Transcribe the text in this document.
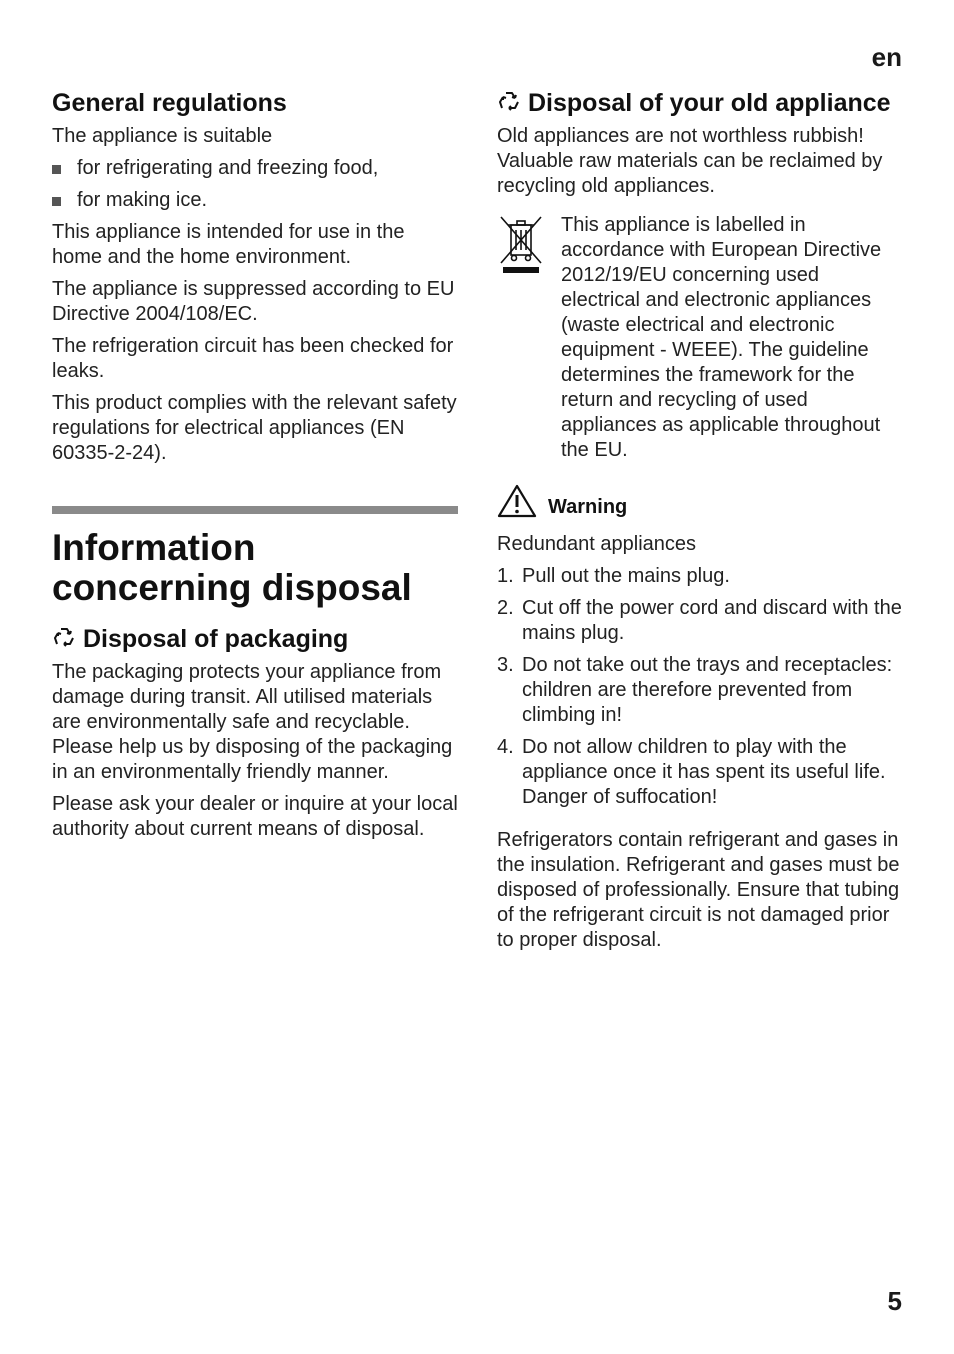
en
General regulations

The appliance is suitable

for refrigerating and freezing food,
for making ice.

This appliance is intended for use in the home and the home environment.

The appliance is suppressed according to EU Directive 2004/108/EC.

The refrigeration circuit has been checked for leaks.

This product complies with the relevant safety regulations for electrical appliances (EN 60335-2-24).

Information concerning disposal
Disposal of packaging

The packaging protects your appliance from damage during transit. All utilised materials are environmentally safe and recyclable. Please help us by disposing of the packaging in an environmentally friendly manner.

Please ask your dealer or inquire at your local authority about current means of disposal.

Disposal of your old appliance

Old appliances are not worthless rubbish! Valuable raw materials can be reclaimed by recycling old appliances.

This appliance is labelled in accordance with European Directive 2012/19/EU concerning used electrical and electronic appliances (waste electrical and electronic equipment - WEEE). The guideline determines the framework for the return and recycling of used appliances as applicable throughout the EU.

Warning

Redundant appliances

1. Pull out the mains plug.
2. Cut off the power cord and discard with the mains plug.
3. Do not take out the trays and receptacles: children are therefore prevented from climbing in!
4. Do not allow children to play with the appliance once it has spent its useful life. Danger of suffocation!

Refrigerators contain refrigerant and gases in the insulation. Refrigerant and gases must be disposed of professionally. Ensure that tubing of the refrigerant circuit is not damaged prior to proper disposal.

5
